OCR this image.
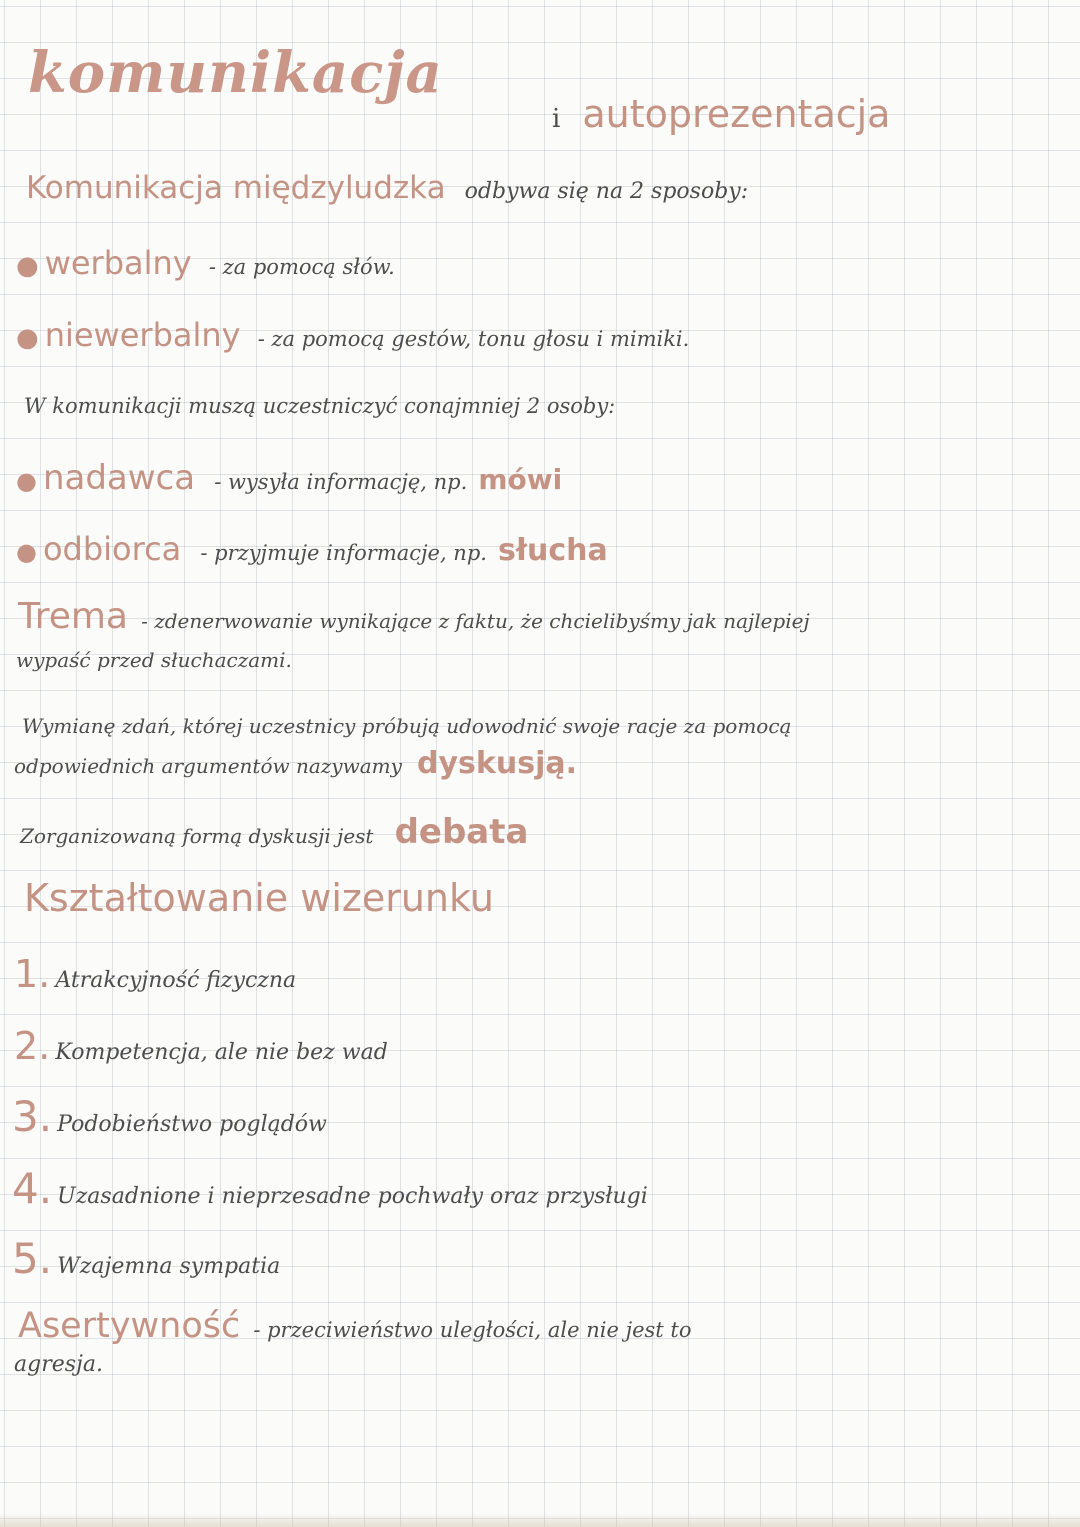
komunikacja
i autoprezentacja
Komunikacja międzyludzka odbywa się na 2 sposoby:
● werbalny - za pomocą słów.
● niewerbalny - za pomocą gestów, tonu głosu i mimiki.
W komunikacji muszą uczestniczyć conajmniej 2 osoby:
● nadawca - wysyła informację, np. mówi
● odbiorca - przyjmuje informacje, np. słucha
Trema - zdenerwowanie wynikające z faktu, że chcielibyśmy jak najlepiej
wypaść przed słuchaczami.
Wymianę zdań, której uczestnicy próbują udowodnić swoje racje za pomocą
odpowiednich argumentów nazywamy dyskusją.
Zorganizowaną formą dyskusji jest debata
Kształtowanie wizerunku
1. Atrakcyjność fizyczna
2. Kompetencja, ale nie bez wad
3. Podobieństwo poglądów
4. Uzasadnione i nieprzesadne pochwały oraz przysługi
5. Wzajemna sympatia
Asertywność - przeciwieństwo uległości, ale nie jest to
agresja.
